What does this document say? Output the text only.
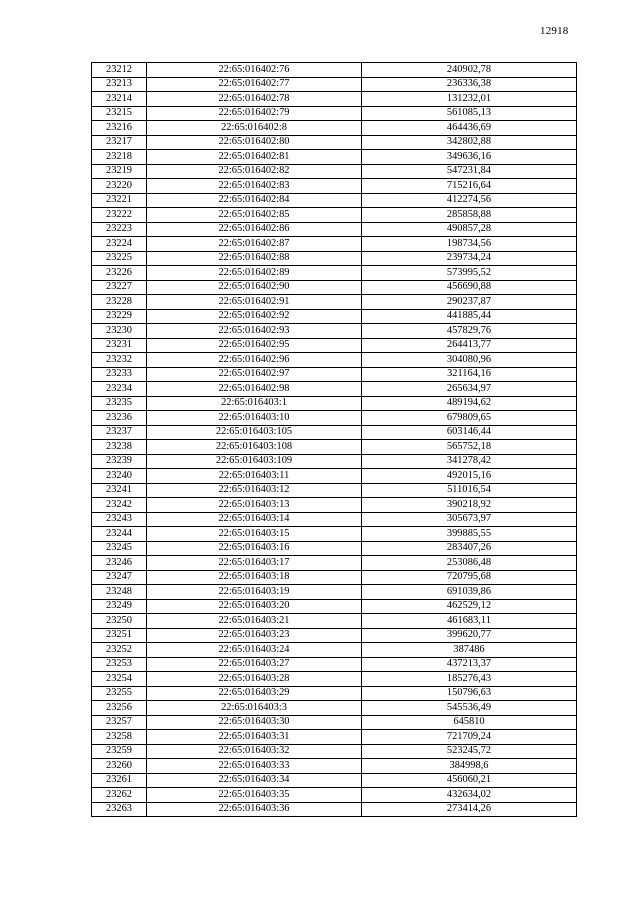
12918
23212	22:65:016402:76	240902,78
23213	22:65:016402:77	236336,38
23214	22:65:016402:78	131232,01
23215	22:65:016402:79	561085,13
23216	22:65:016402:8	464436,69
23217	22:65:016402:80	342802,88
23218	22:65:016402:81	349636,16
23219	22:65:016402:82	547231,84
23220	22:65:016402:83	715216,64
23221	22:65:016402:84	412274,56
23222	22:65:016402:85	285858,88
23223	22:65:016402:86	490857,28
23224	22:65:016402:87	198734,56
23225	22:65:016402:88	239734,24
23226	22:65:016402:89	573995,52
23227	22:65:016402:90	456690,88
23228	22:65:016402:91	290237,87
23229	22:65:016402:92	441885,44
23230	22:65:016402:93	457829,76
23231	22:65:016402:95	264413,77
23232	22:65:016402:96	304080,96
23233	22:65:016402:97	321164,16
23234	22:65:016402:98	265634,97
23235	22:65:016403:1	489194,62
23236	22:65:016403:10	679809,65
23237	22:65:016403:105	603146,44
23238	22:65:016403:108	565752,18
23239	22:65:016403:109	341278,42
23240	22:65:016403:11	492015,16
23241	22:65:016403:12	511016,54
23242	22:65:016403:13	390218,92
23243	22:65:016403:14	305673,97
23244	22:65:016403:15	399885,55
23245	22:65:016403:16	283407,26
23246	22:65:016403:17	253086,48
23247	22:65:016403:18	720795,68
23248	22:65:016403:19	691039,86
23249	22:65:016403:20	462529,12
23250	22:65:016403:21	461683,11
23251	22:65:016403:23	399620,77
23252	22:65:016403:24	387486
23253	22:65:016403:27	437213,37
23254	22:65:016403:28	185276,43
23255	22:65:016403:29	150796,63
23256	22:65:016403:3	545536,49
23257	22:65:016403:30	645810
23258	22:65:016403:31	721709,24
23259	22:65:016403:32	523245,72
23260	22:65:016403:33	384998,6
23261	22:65:016403:34	456060,21
23262	22:65:016403:35	432634,02
23263	22:65:016403:36	273414,26
